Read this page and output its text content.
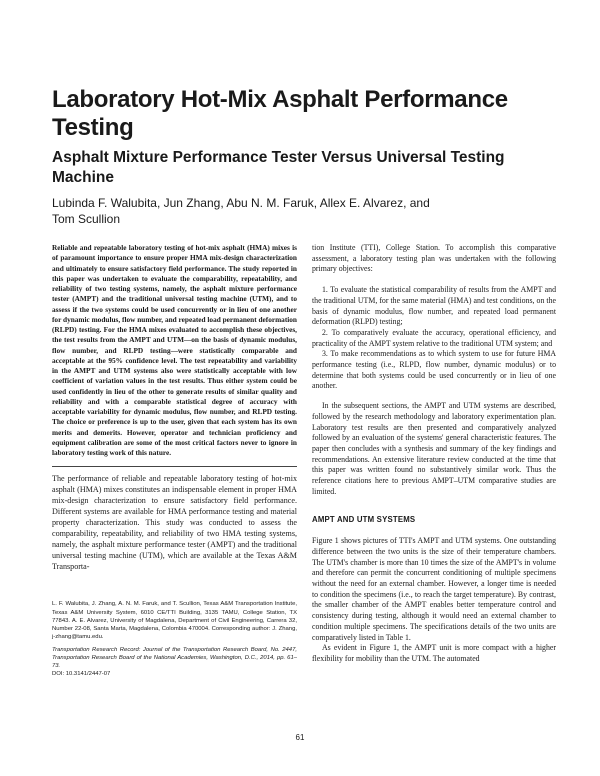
Laboratory Hot-Mix Asphalt Performance Testing
Asphalt Mixture Performance Tester Versus Universal Testing Machine
Lubinda F. Walubita, Jun Zhang, Abu N. M. Faruk, Allex E. Alvarez, and Tom Scullion

Reliable and repeatable laboratory testing of hot-mix asphalt (HMA) mixes is of paramount importance to ensure proper HMA mix-design characterization and ultimately to ensure satisfactory field performance. The study reported in this paper was undertaken to evaluate the comparability, repeatability, and reliability of two testing systems, namely, the asphalt mixture performance tester (AMPT) and the traditional universal testing machine (UTM), and to assess if the two systems could be used concurrently or in lieu of one another for dynamic modulus, flow number, and repeated load permanent deformation (RLPD) testing. For the HMA mixes evaluated to accomplish these objectives, the test results from the AMPT and UTM—on the basis of dynamic modulus, flow number, and RLPD testing—were statistically comparable and acceptable at the 95% confidence level. The test repeatability and variability in the AMPT and UTM systems also were statistically acceptable with low coefficient of variation values in the test results. Thus either system could be used confidently in lieu of the other to generate results of similar quality and reliability and with a comparable statistical degree of accuracy with acceptable variability for dynamic modulus, flow number, and RLPD testing. The choice or preference is up to the user, given that each system has its own merits and demerits. However, operator and technician proficiency and equipment calibration are some of the most critical factors never to ignore in laboratory testing work of this nature.

The performance of reliable and repeatable laboratory testing of hot-mix asphalt (HMA) mixes constitutes an indispensable element in proper HMA mix-design characterization to ensure satisfactory field performance. Different systems are available for HMA performance testing and material property characterization. This study was conducted to assess the comparability, repeatability, and reliability of two HMA testing systems, namely, the asphalt mixture performance tester (AMPT) and the traditional universal testing machine (UTM), which are available at the Texas A&M Transporta-

L. F. Walubita, J. Zhang, A. N. M. Faruk, and T. Scullion, Texas A&M Transportation Institute, Texas A&M University System, 6010 CE/TTI Building, 3135 TAMU, College Station, TX 77843. A. E. Alvarez, University of Magdalena, Department of Civil Engineering, Carrera 32, Number 22-08, Santa Marta, Magdalena, Colombia 470004. Corresponding author: J. Zhang, j-zhang@tamu.edu.
Transportation Research Record: Journal of the Transportation Research Board, No. 2447, Transportation Research Board of the National Academies, Washington, D.C., 2014, pp. 61–73.
DOI: 10.3141/2447-07

tion Institute (TTI), College Station. To accomplish this comparative assessment, a laboratory testing plan was undertaken with the following primary objectives:

1. To evaluate the statistical comparability of results from the AMPT and the traditional UTM, for the same material (HMA) and test conditions, on the basis of dynamic modulus, flow number, and repeated load permanent deformation (RLPD) testing;

2. To comparatively evaluate the accuracy, operational efficiency, and practicality of the AMPT system relative to the traditional UTM system; and

3. To make recommendations as to which system to use for future HMA performance testing (i.e., RLPD, flow number, dynamic modulus) or to determine that both systems could be used concurrently or in lieu of one another.

In the subsequent sections, the AMPT and UTM systems are described, followed by the research methodology and laboratory experimentation plan. Laboratory test results are then presented and comparatively analyzed followed by an evaluation of the systems' general characteristic features. The paper then concludes with a synthesis and summary of the key findings and recommendations. An extensive literature review conducted at the time that this paper was written found no substantively similar work. Thus the reference citations here to previous AMPT–UTM comparative studies are limited.

AMPT AND UTM SYSTEMS

Figure 1 shows pictures of TTI's AMPT and UTM systems. One outstanding difference between the two units is the size of their temperature chambers. The UTM's chamber is more than 10 times the size of the AMPT's in volume and therefore can permit the concurrent conditioning of multiple specimens without the need for an external chamber. However, a longer time is needed to condition the specimens (i.e., to reach the target temperature). By contrast, the smaller chamber of the AMPT enables better temperature control and consistency during testing, although it would need an external chamber to condition multiple specimens. The specifications details of the two units are comparatively listed in Table 1.

As evident in Figure 1, the AMPT unit is more compact with a higher flexibility for mobility than the UTM. The automated

61
